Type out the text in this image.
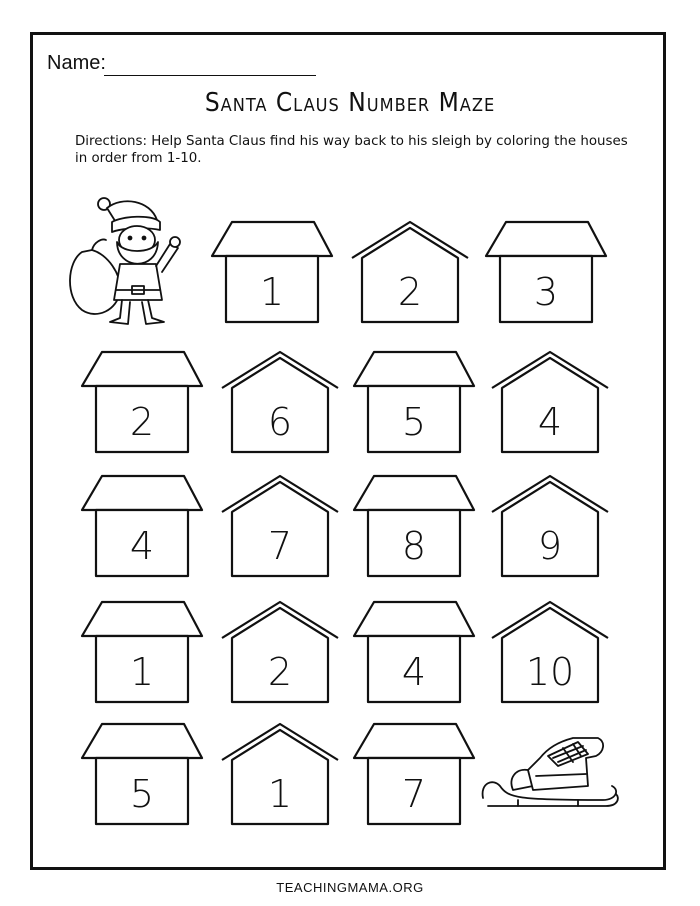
Name:
Santa Claus Number Maze
Directions: Help Santa Claus find his way back to his sleigh by coloring the houses in order from 1-10.
1	2	3
2	6	5	4
4	7	8	9
1	2	4	10
5	1	7
TEACHINGMAMA.ORG
